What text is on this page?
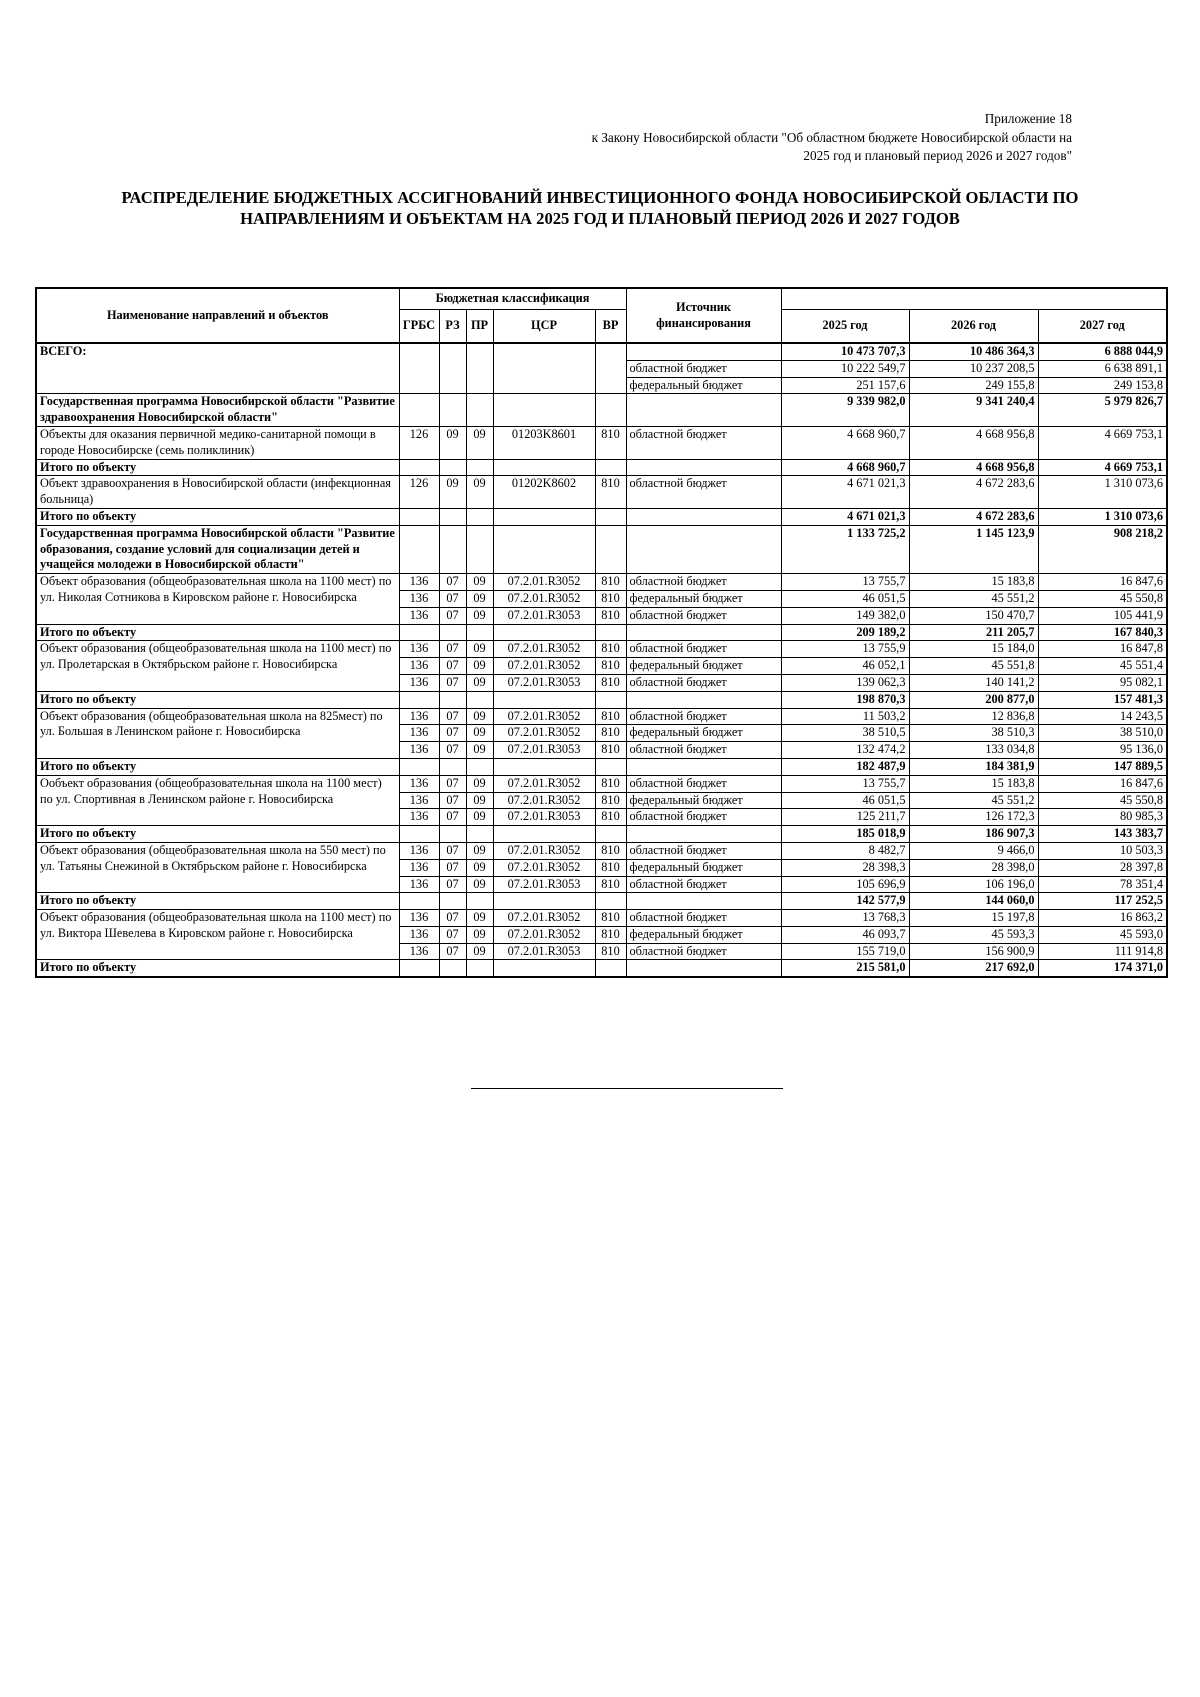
Приложение 18
к Закону Новосибирской области "Об областном бюджете Новосибирской области на
2025 год и плановый период 2026 и 2027 годов"
РАСПРЕДЕЛЕНИЕ БЮДЖЕТНЫХ АССИГНОВАНИЙ ИНВЕСТИЦИОННОГО ФОНДА НОВОСИБИРСКОЙ ОБЛАСТИ ПО
НАПРАВЛЕНИЯМ И ОБЪЕКТАМ НА 2025 ГОД И ПЛАНОВЫЙ ПЕРИОД 2026 И 2027 ГОДОВ
Наименование направлений и объектов	Бюджетная классификация					Источник финансирования			
	ГРБС	РЗ	ПР	ЦСР	ВР		2025 год	2026 год	2027 год
ВСЕГО:							10 473 707,3	10 486 364,3	6 888 044,9
						областной бюджет	10 222 549,7	10 237 208,5	6 638 891,1
						федеральный бюджет	251 157,6	249 155,8	249 153,8
Государственная программа Новосибирской области "Развитие здравоохранения Новосибирской области"							9 339 982,0	9 341 240,4	5 979 826,7
Объекты для оказания первичной медико-санитарной помощи в городе Новосибирске (семь поликлиник)	126	09	09	01203K8601	810	областной бюджет	4 668 960,7	4 668 956,8	4 669 753,1
Итого по объекту							4 668 960,7	4 668 956,8	4 669 753,1
Объект здравоохранения в Новосибирской области (инфекционная больница)	126	09	09	01202K8602	810	областной бюджет	4 671 021,3	4 672 283,6	1 310 073,6
Итого по объекту							4 671 021,3	4 672 283,6	1 310 073,6
Государственная программа Новосибирской области "Развитие образования, создание условий для социализации детей и учащейся молодежи в Новосибирской области"							1 133 725,2	1 145 123,9	908 218,2
Объект образования (общеобразовательная школа на 1100 мест) по ул. Николая Сотникова в Кировском районе г. Новосибирска	136	07	09	07.2.01.R3052	810	областной бюджет	13 755,7	15 183,8	16 847,6
	136	07	09	07.2.01.R3052	810	федеральный бюджет	46 051,5	45 551,2	45 550,8
	136	07	09	07.2.01.R3053	810	областной бюджет	149 382,0	150 470,7	105 441,9
Итого по объекту							209 189,2	211 205,7	167 840,3
Объект образования (общеобразовательная школа на 1100 мест) по ул. Пролетарская в Октябрьском районе г. Новосибирска	136	07	09	07.2.01.R3052	810	областной бюджет	13 755,9	15 184,0	16 847,8
	136	07	09	07.2.01.R3052	810	федеральный бюджет	46 052,1	45 551,8	45 551,4
	136	07	09	07.2.01.R3053	810	областной бюджет	139 062,3	140 141,2	95 082,1
Итого по объекту							198 870,3	200 877,0	157 481,3
Объект образования (общеобразовательная школа на 825мест) по ул. Большая в Ленинском районе г. Новосибирска	136	07	09	07.2.01.R3052	810	областной бюджет	11 503,2	12 836,8	14 243,5
	136	07	09	07.2.01.R3052	810	федеральный бюджет	38 510,5	38 510,3	38 510,0
	136	07	09	07.2.01.R3053	810	областной бюджет	132 474,2	133 034,8	95 136,0
Итого по объекту							182 487,9	184 381,9	147 889,5
Ообъект образования (общеобразовательная школа на 1100 мест) по ул. Спортивная в Ленинском районе г. Новосибирска	136	07	09	07.2.01.R3052	810	областной бюджет	13 755,7	15 183,8	16 847,6
	136	07	09	07.2.01.R3052	810	федеральный бюджет	46 051,5	45 551,2	45 550,8
	136	07	09	07.2.01.R3053	810	областной бюджет	125 211,7	126 172,3	80 985,3
Итого по объекту							185 018,9	186 907,3	143 383,7
Объект образования (общеобразовательная школа на 550 мест) по ул. Татьяны Снежиной в Октябрьском районе г. Новосибирска	136	07	09	07.2.01.R3052	810	областной бюджет	8 482,7	9 466,0	10 503,3
	136	07	09	07.2.01.R3052	810	федеральный бюджет	28 398,3	28 398,0	28 397,8
	136	07	09	07.2.01.R3053	810	областной бюджет	105 696,9	106 196,0	78 351,4
Итого по объекту							142 577,9	144 060,0	117 252,5
Объект образования (общеобразовательная школа на 1100 мест) по ул. Виктора Шевелева в Кировском районе г. Новосибирска	136	07	09	07.2.01.R3052	810	областной бюджет	13 768,3	15 197,8	16 863,2
	136	07	09	07.2.01.R3052	810	федеральный бюджет	46 093,7	45 593,3	45 593,0
	136	07	09	07.2.01.R3053	810	областной бюджет	155 719,0	156 900,9	111 914,8
Итого по объекту							215 581,0	217 692,0	174 371,0
